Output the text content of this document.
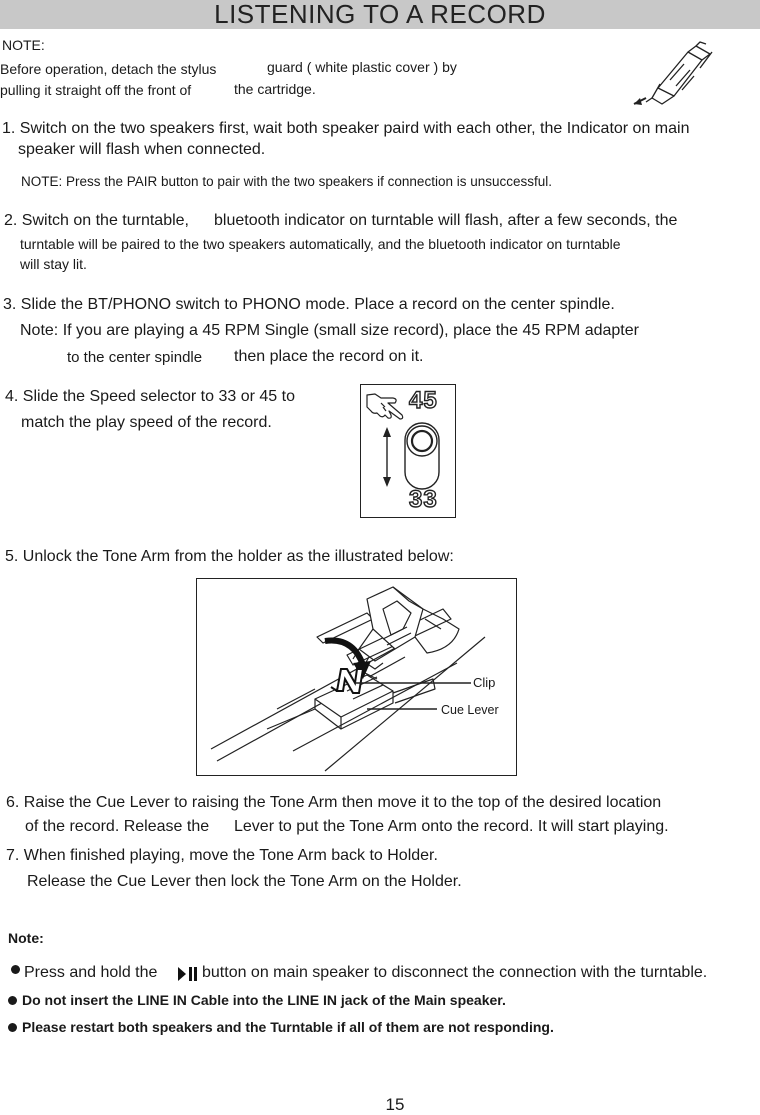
LISTENING TO A RECORD
NOTE:
Before operation, detach the stylus	guard ( white plastic cover ) by
pulling it straight off the front of	the cartridge.
1. Switch on the two speakers first, wait both speaker paird with each other, the Indicator on main
speaker will flash when connected.
NOTE: Press the PAIR button to pair with the two speakers if connection is unsuccessful.
2. Switch on the turntable, bluetooth indicator on turntable will flash, after a few seconds, the
turntable will be paired to the two speakers automatically, and the bluetooth indicator on turntable
will stay lit.
3. Slide the BT/PHONO switch to PHONO mode. Place a record on the center spindle.
Note: If you are playing a 45 RPM Single (small size record), place the 45 RPM adapter
to the center spindle then place the record on it.
4. Slide the Speed selector to 33 or 45 to
match the play speed of the record.
45
33
5. Unlock the Tone Arm from the holder as the illustrated below:
Clip
Cue Lever
6. Raise the Cue Lever to raising the Tone Arm then move it to the top of the desired location
of the record. Release the Lever to put the Tone Arm onto the record. It will start playing.
7. When finished playing, move the Tone Arm back to Holder.
Release the Cue Lever then lock the Tone Arm on the Holder.
Note:
Press and hold the	button on main speaker to disconnect the connection with the turntable.
Do not insert the LINE IN Cable into the LINE IN jack of the Main speaker.
Please restart both speakers and the Turntable if all of them are not responding.
15
